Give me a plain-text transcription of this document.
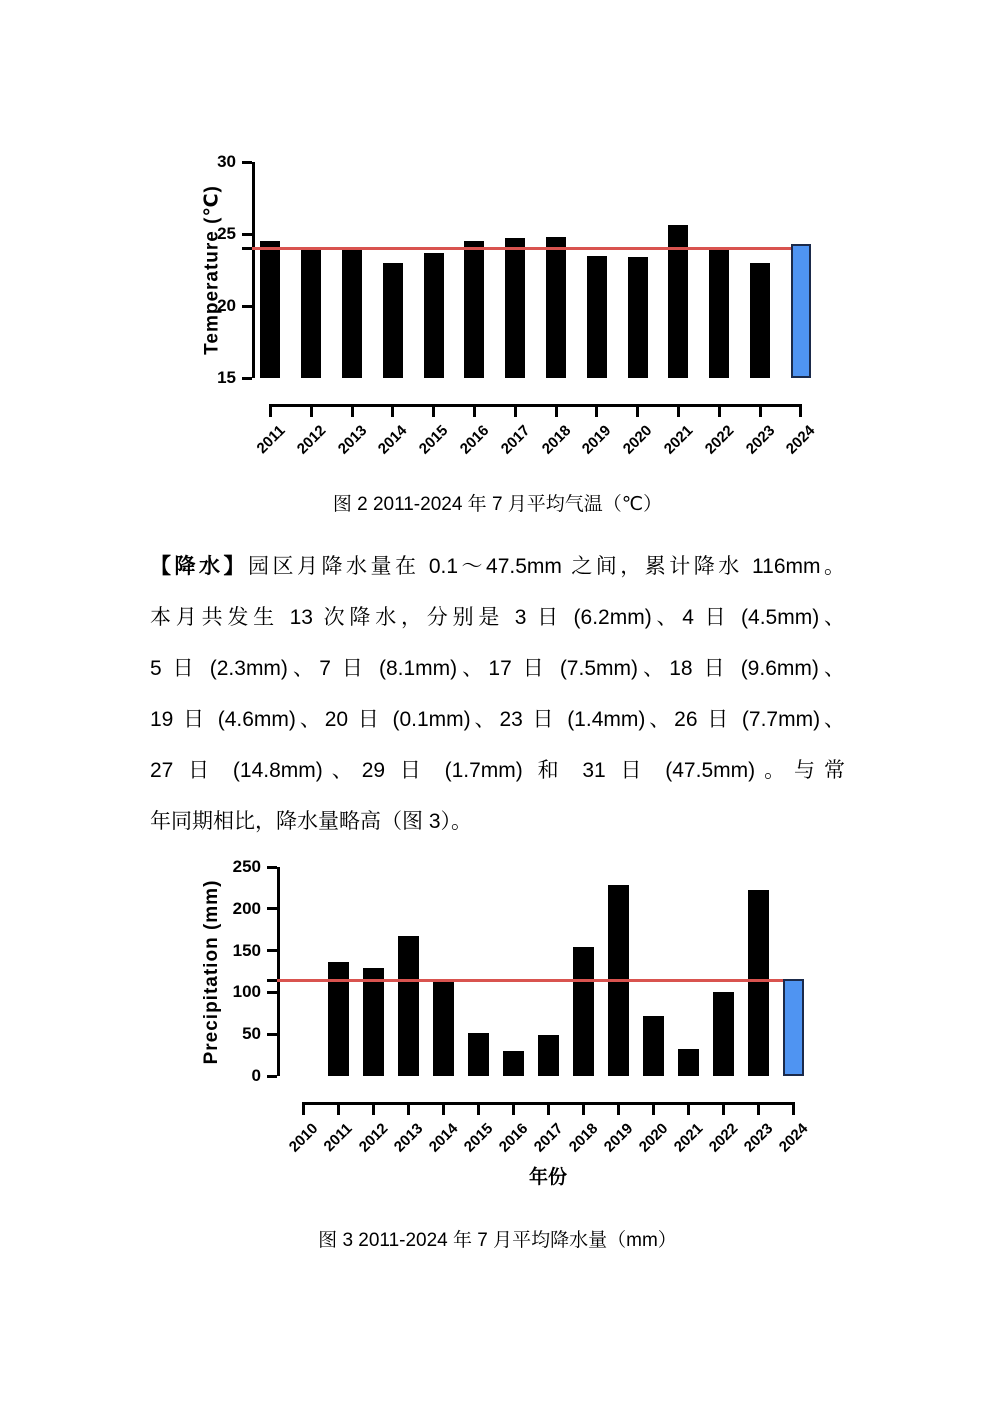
15
20
25
30
Temperature (℃)
2011 2012 2013 2014 2015 2016 2017 2018 2019 2020 2021 2022 2023 2024
图 2 2011-2024 年 7 月平均气温（℃）
【降水】园区月降水量在 0.1～47.5mm 之间，累计降水 116mm。
本月共发生 13 次降水，分别是 3 日 (6.2mm)、4 日 (4.5mm)、
5 日 (2.3mm)、7 日 (8.1mm)、17 日 (7.5mm)、18 日 (9.6mm)、
19 日 (4.6mm)、20 日 (0.1mm)、23 日 (1.4mm)、26 日 (7.7mm)、
27 日 (14.8mm)、29 日 (1.7mm) 和 31 日 (47.5mm)。与常
年同期相比，降水量略高（图 3）。
0
50
100
150
200
250
Precipitation (mm)
2010 2011 2012 2013 2014 2015 2016 2017 2018 2019 2020 2021 2022 2023 2024
年份
图 3 2011-2024 年 7 月平均降水量（mm）
